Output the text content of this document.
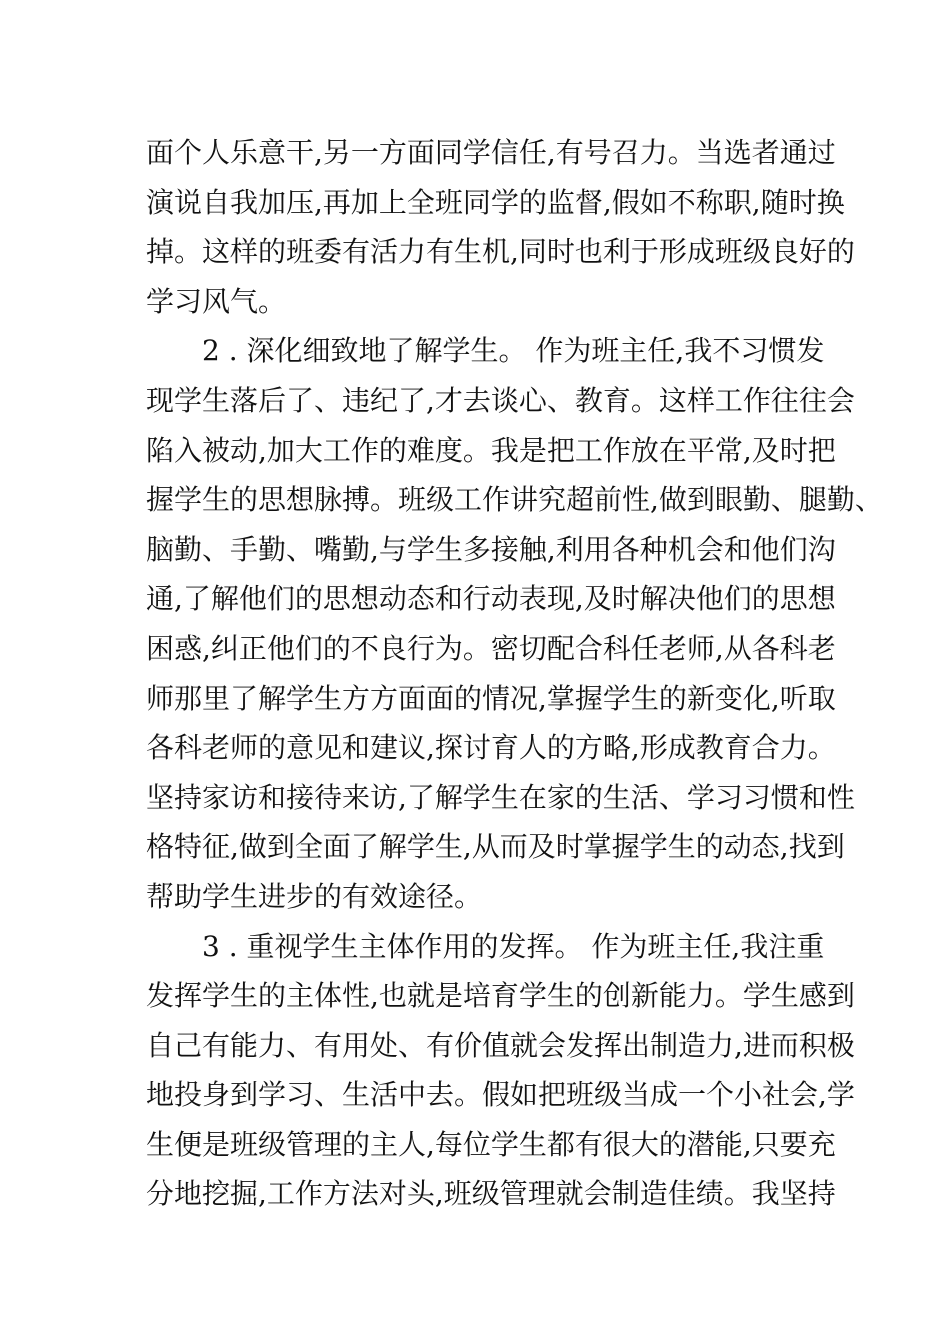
面个人乐意干,另一方面同学信任,有号召力。当选者通过
演说自我加压,再加上全班同学的监督,假如不称职,随时换
掉。这样的班委有活力有生机,同时也利于形成班级良好的
学习风气。
2 . 深化细致地了解学生。 作为班主任,我不习惯发
现学生落后了、违纪了,才去谈心、教育。这样工作往往会
陷入被动,加大工作的难度。我是把工作放在平常,及时把
握学生的思想脉搏。班级工作讲究超前性,做到眼勤、腿勤、
脑勤、手勤、嘴勤,与学生多接触,利用各种机会和他们沟
通,了解他们的思想动态和行动表现,及时解决他们的思想
困惑,纠正他们的不良行为。密切配合科任老师,从各科老
师那里了解学生方方面面的情况,掌握学生的新变化,听取
各科老师的意见和建议,探讨育人的方略,形成教育合力。
坚持家访和接待来访,了解学生在家的生活、学习习惯和性
格特征,做到全面了解学生,从而及时掌握学生的动态,找到
帮助学生进步的有效途径。
3 . 重视学生主体作用的发挥。 作为班主任,我注重
发挥学生的主体性,也就是培育学生的创新能力。学生感到
自己有能力、有用处、有价值就会发挥出制造力,进而积极
地投身到学习、生活中去。假如把班级当成一个小社会,学
生便是班级管理的主人,每位学生都有很大的潜能,只要充
分地挖掘,工作方法对头,班级管理就会制造佳绩。我坚持
